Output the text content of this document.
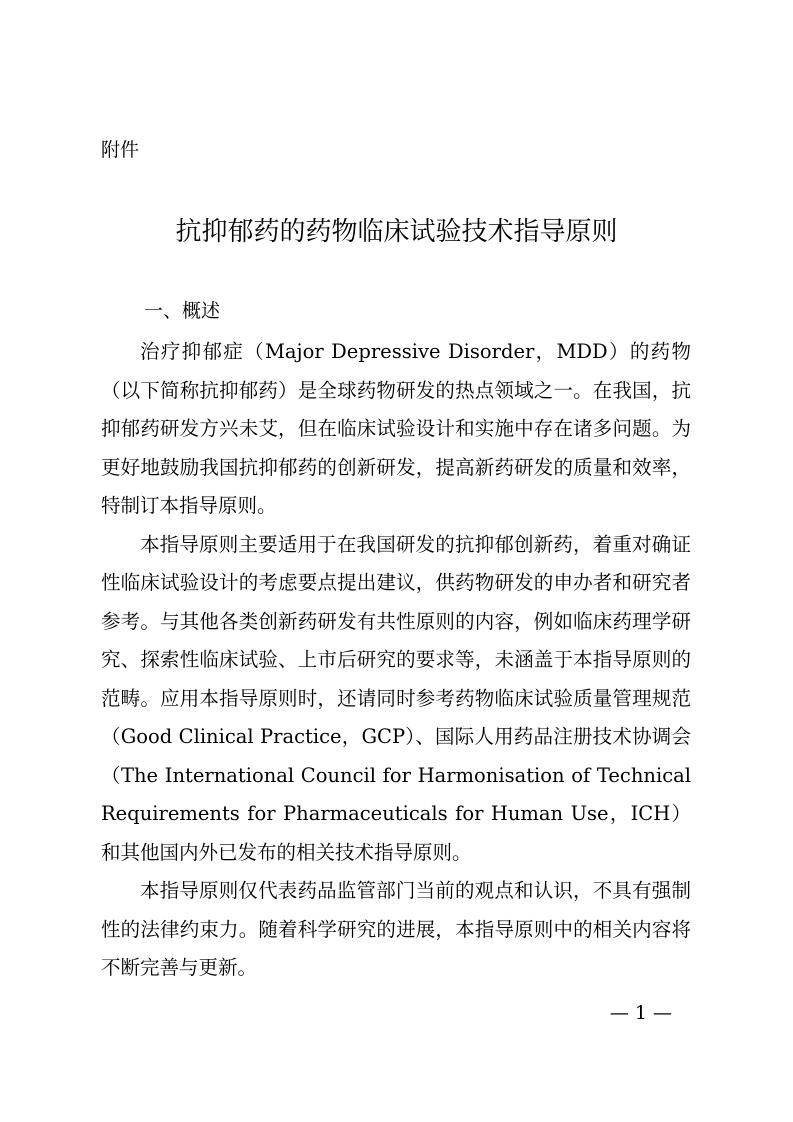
附件
抗抑郁药的药物临床试验技术指导原则
一、概述

治疗抑郁症（Major Depressive Disorder，MDD）的药物（以下简称抗抑郁药）是全球药物研发的热点领域之一。在我国，抗抑郁药研发方兴未艾，但在临床试验设计和实施中存在诸多问题。为更好地鼓励我国抗抑郁药的创新研发，提高新药研发的质量和效率，特制订本指导原则。

本指导原则主要适用于在我国研发的抗抑郁创新药，着重对确证性临床试验设计的考虑要点提出建议，供药物研发的申办者和研究者参考。与其他各类创新药研发有共性原则的内容，例如临床药理学研究、探索性临床试验、上市后研究的要求等，未涵盖于本指导原则的范畴。应用本指导原则时，还请同时参考药物临床试验质量管理规范（Good Clinical Practice，GCP）、国际人用药品注册技术协调会（The International Council for Harmonisation of Technical Requirements for Pharmaceuticals for Human Use，ICH）和其他国内外已发布的相关技术指导原则。

本指导原则仅代表药品监管部门当前的观点和认识，不具有强制性的法律约束力。随着科学研究的进展，本指导原则中的相关内容将不断完善与更新。

— 1 —
